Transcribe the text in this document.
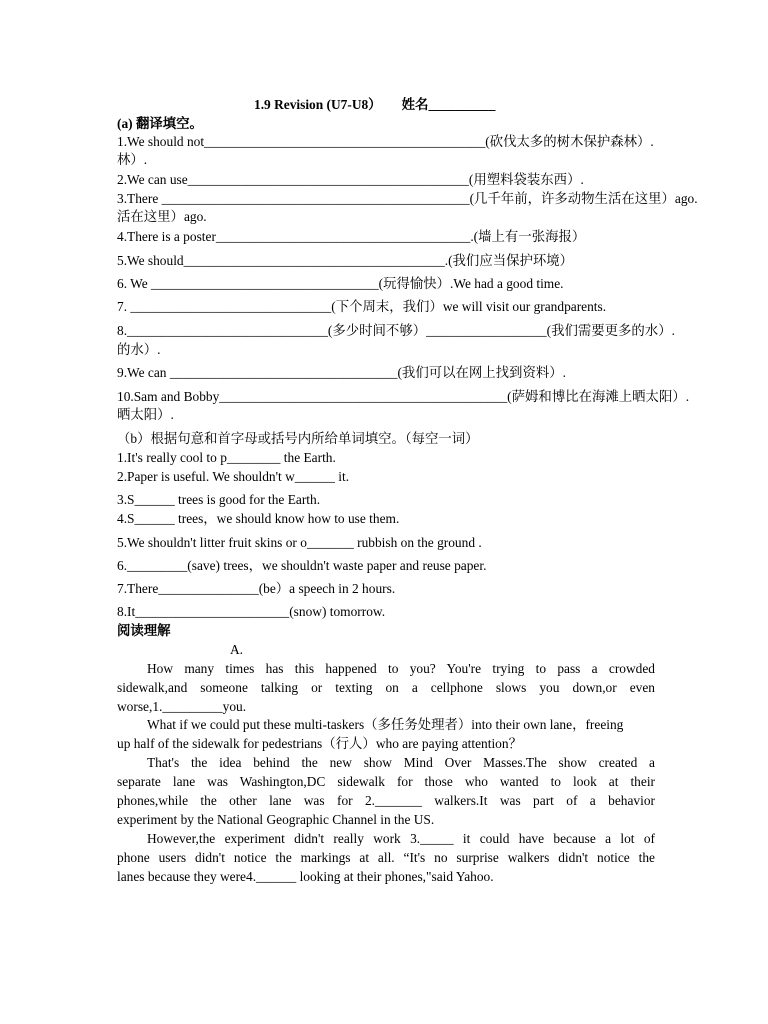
1.9 Revision (U7-U8）　　姓名__________
(a) 翻译填空。
1.We should not__________________________________________(砍伐太多的树木保护森林）.
林）.
2.We can use__________________________________________(用塑料袋装东西）.
3.There ______________________________________________(几千年前，许多动物生活在这里）ago.
活在这里）ago.
4.There is a poster______________________________________.(墙上有一张海报）
5.We should_______________________________________.(我们应当保护环境）
6. We __________________________________(玩得愉快）.We had a good time.
7. ______________________________(下个周末，我们）we will visit our grandparents.
8.______________________________(多少时间不够）__________________(我们需要更多的水）.
的水）.
9.We can __________________________________(我们可以在网上找到资料）.
10.Sam and Bobby___________________________________________(萨姆和博比在海滩上晒太阳）.
晒太阳）.
（b）根据句意和首字母或括号内所给单词填空。（每空一词）
1.It's really cool to p________ the Earth.
2.Paper is useful. We shouldn't w______ it.
3.S______ trees is good for the Earth.
4.S______ trees，we should know how to use them.
5.We shouldn't litter fruit skins or o_______ rubbish on the ground .
6._________(save) trees，we shouldn't waste paper and reuse paper.
7.There_______________(be）a speech in 2 hours.
8.It_______________________(snow) tomorrow.
阅读理解
A.
How many times has this happened to you? You're trying to pass a crowded
sidewalk,and someone talking or texting on a cellphone slows you down,or even
worse,1._________you.
What if we could put these multi-taskers（多任务处理者）into their own lane，freeing
up half of the sidewalk for pedestrians（行人）who are paying attention？
That's the idea behind the new show Mind Over Masses.The show created a
separate lane was Washington,DC sidewalk for those who wanted to look at their
phones,while the other lane was for 2._______ walkers.It was part of a behavior
experiment by the National Geographic Channel in the US.
However,the experiment didn't really work 3._____ it could have because a lot of
phone users didn't notice the markings at all. “It's no surprise walkers didn't notice the
lanes because they were4.______ looking at their phones,"said Yahoo.
